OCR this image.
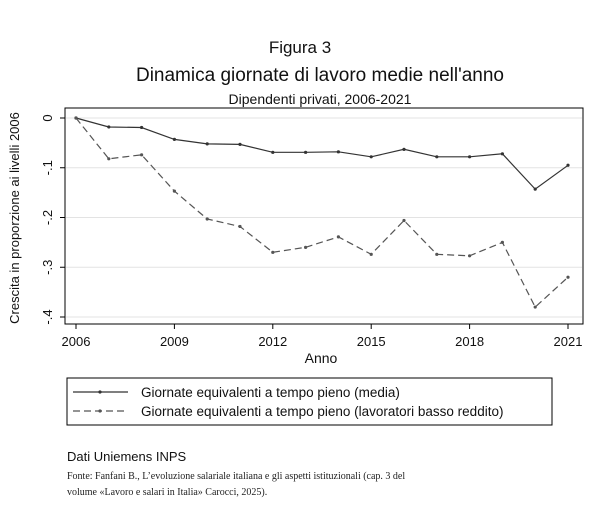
Figura 3
Dinamica giornate di lavoro medie nell'anno
Dipendenti privati, 2006-2021
0
-.1
-.2
-.3
-.4
2006	2009	2012	2015	2018	2021
Anno
Crescita in proporzione ai livelli 2006
Giornate equivalenti a tempo pieno (media)
Giornate equivalenti a tempo pieno (lavoratori basso reddito)
Dati Uniemens INPS
Fonte: Fanfani B., L’evoluzione salariale italiana e gli aspetti istituzionali (cap. 3 del
volume «Lavoro e salari in Italia» Carocci, 2025).
